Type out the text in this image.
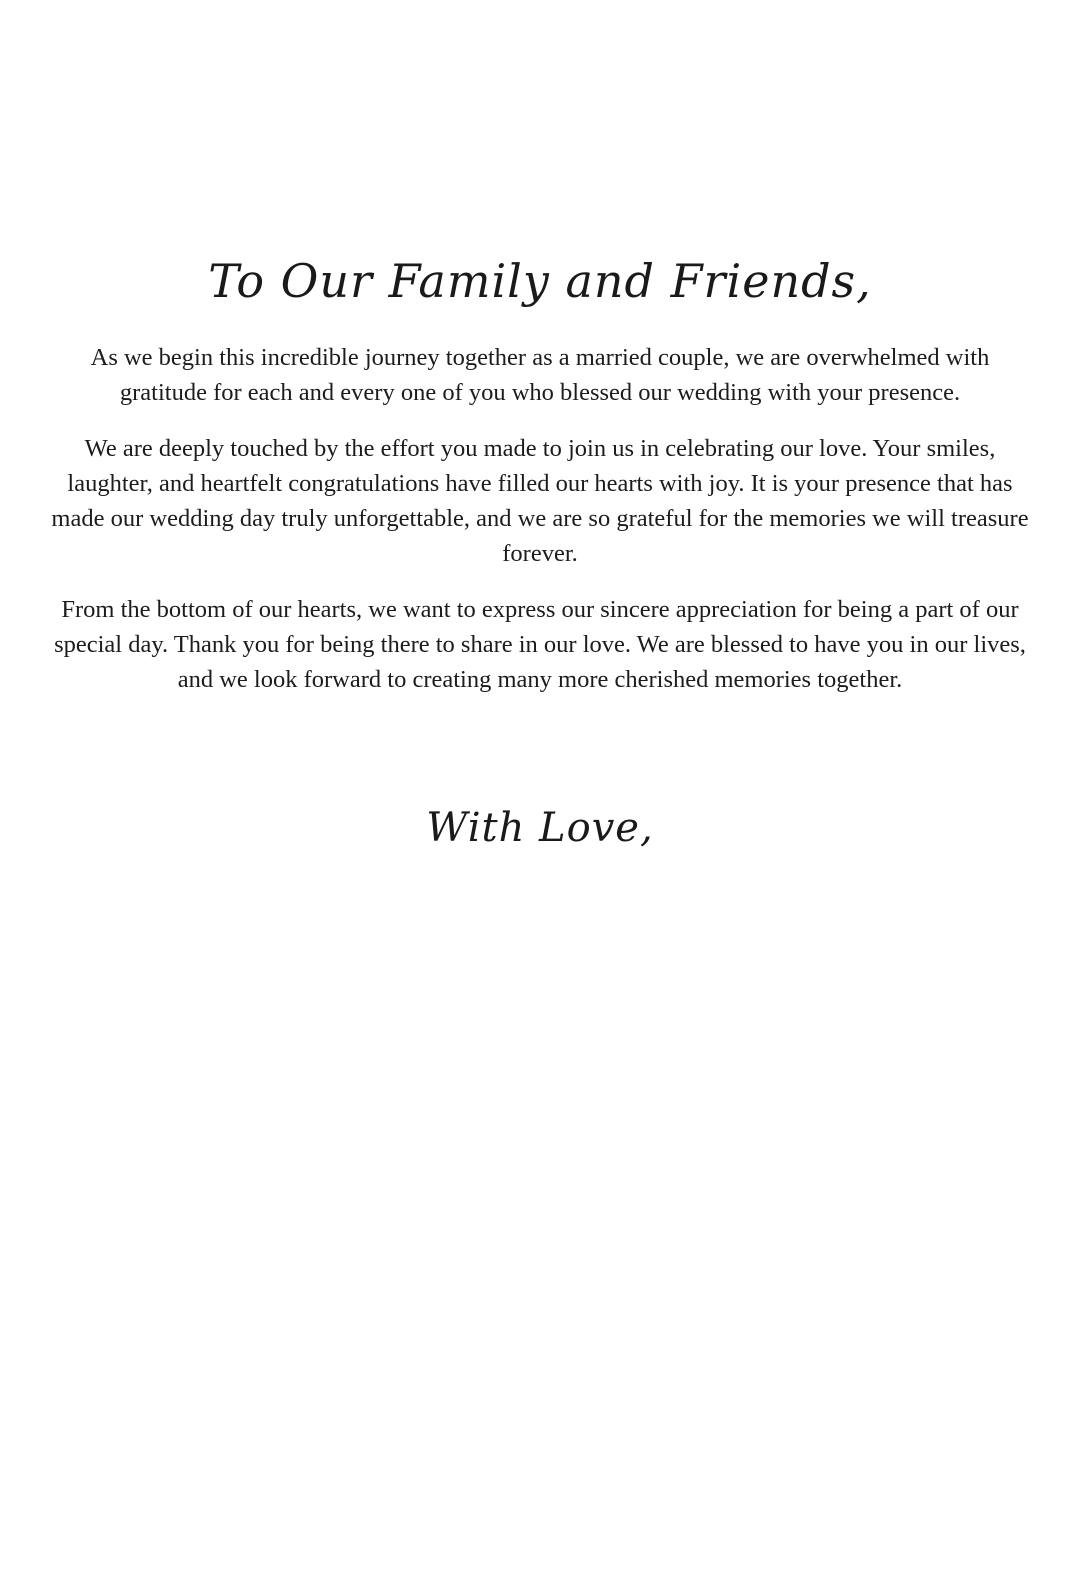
To Our Family and Friends,

As we begin this incredible journey together as a married couple, we are overwhelmed with gratitude for each and every one of you who blessed our wedding with your presence.

We are deeply touched by the effort you made to join us in celebrating our love. Your smiles, laughter, and heartfelt congratulations have filled our hearts with joy. It is your presence that has made our wedding day truly unforgettable, and we are so grateful for the memories we will treasure forever.

From the bottom of our hearts, we want to express our sincere appreciation for being a part of our special day. Thank you for being there to share in our love. We are blessed to have you in our lives, and we look forward to creating many more cherished memories together.

With Love,
